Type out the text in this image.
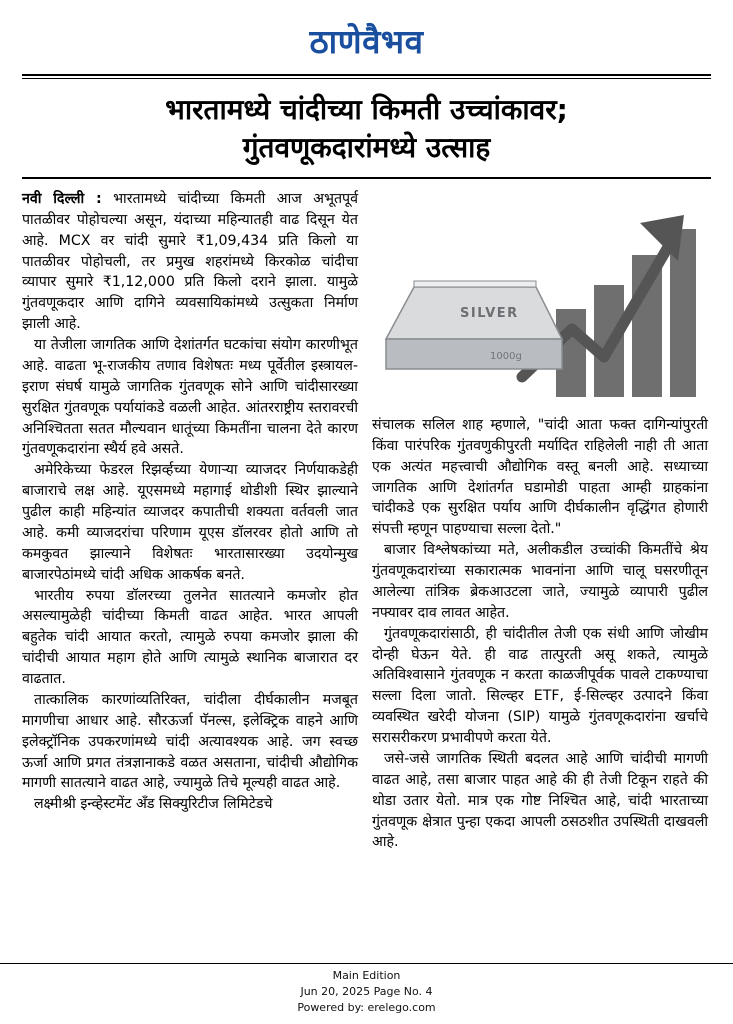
ठाणेवैभव
भारतामध्ये चांदीच्या किमती उच्चांकावर;
गुंतवणूकदारांमध्ये उत्साह

नवी दिल्ली : भारतामध्ये चांदीच्या किमती आज अभूतपूर्व पातळीवर पोहोचल्या असून, यंदाच्या महिन्यातही वाढ दिसून येत आहे. MCX वर चांदी सुमारे ₹1,09,434 प्रति किलो या पातळीवर पोहोचली, तर प्रमुख शहरांमध्ये किरकोळ चांदीचा व्यापार सुमारे ₹1,12,000 प्रति किलो दराने झाला. यामुळे गुंतवणूकदार आणि दागिने व्यवसायिकांमध्ये उत्सुकता निर्माण झाली आहे.

या तेजीला जागतिक आणि देशांतर्गत घटकांचा संयोग कारणीभूत आहे. वाढता भू-राजकीय तणाव विशेषतः मध्य पूर्वेतील इस्त्रायल-इराण संघर्ष यामुळे जागतिक गुंतवणूक सोने आणि चांदीसारख्या सुरक्षित गुंतवणूक पर्यायांकडे वळली आहेत. आंतरराष्ट्रीय स्तरावरची अनिश्चितता सतत मौल्यवान धातूंच्या किमतींना चालना देते कारण गुंतवणूकदारांना स्थैर्य हवे असते.

अमेरिकेच्या फेडरल रिझर्व्हच्या येणाऱ्या व्याजदर निर्णयाकडेही बाजाराचे लक्ष आहे. यूएसमध्ये महागाई थोडीशी स्थिर झाल्याने पुढील काही महिन्यांत व्याजदर कपातीची शक्यता वर्तवली जात आहे. कमी व्याजदरांचा परिणाम यूएस डॉलरवर होतो आणि तो कमकुवत झाल्याने विशेषतः भारतासारख्या उदयोन्मुख बाजारपेठांमध्ये चांदी अधिक आकर्षक बनते.

भारतीय रुपया डॉलरच्या तुलनेत सातत्याने कमजोर होत असल्यामुळेही चांदीच्या किमती वाढत आहेत. भारत आपली बहुतेक चांदी आयात करतो, त्यामुळे रुपया कमजोर झाला की चांदीची आयात महाग होते आणि त्यामुळे स्थानिक बाजारात दर वाढतात.

तात्कालिक कारणांव्यतिरिक्त, चांदीला दीर्घकालीन मजबूत मागणीचा आधार आहे. सौरऊर्जा पॅनल्स, इलेक्ट्रिक वाहने आणि इलेक्ट्रॉनिक उपकरणांमध्ये चांदी अत्यावश्यक आहे. जग स्वच्छ ऊर्जा आणि प्रगत तंत्रज्ञानाकडे वळत असताना, चांदीची औद्योगिक मागणी सातत्याने वाढत आहे, ज्यामुळे तिचे मूल्यही वाढत आहे.

लक्ष्मीश्री इन्व्हेस्टमेंट अँड सिक्युरिटीज लिमिटेडचे

SILVER
1000g

संचालक सलिल शाह म्हणाले, "चांदी आता फक्त दागिन्यांपुरती किंवा पारंपरिक गुंतवणुकीपुरती मर्यादित राहिलेली नाही ती आता एक अत्यंत महत्त्वाची औद्योगिक वस्तू बनली आहे. सध्याच्या जागतिक आणि देशांतर्गत घडामोडी पाहता आम्ही ग्राहकांना चांदीकडे एक सुरक्षित पर्याय आणि दीर्घकालीन वृद्धिंगत होणारी संपत्ती म्हणून पाहण्याचा सल्ला देतो."

बाजार विश्लेषकांच्या मते, अलीकडील उच्चांकी किमतींचे श्रेय गुंतवणूकदारांच्या सकारात्मक भावनांना आणि चालू घसरणीतून आलेल्या तांत्रिक ब्रेकआउटला जाते, ज्यामुळे व्यापारी पुढील नफ्यावर दाव लावत आहेत.

गुंतवणूकदारांसाठी, ही चांदीतील तेजी एक संधी आणि जोखीम दोन्ही घेऊन येते. ही वाढ तात्पुरती असू शकते, त्यामुळे अतिविश्वासाने गुंतवणूक न करता काळजीपूर्वक पावले टाकण्याचा सल्ला दिला जातो. सिल्व्हर ETF, ई-सिल्व्हर उत्पादने किंवा व्यवस्थित खरेदी योजना (SIP) यामुळे गुंतवणूकदारांना खर्चाचे सरासरीकरण प्रभावीपणे करता येते.

जसे-जसे जागतिक स्थिती बदलत आहे आणि चांदीची मागणी वाढत आहे, तसा बाजार पाहत आहे की ही तेजी टिकून राहते की थोडा उतार येतो. मात्र एक गोष्ट निश्चित आहे, चांदी भारताच्या गुंतवणूक क्षेत्रात पुन्हा एकदा आपली ठसठशीत उपस्थिती दाखवली आहे.

Main Edition
Jun 20, 2025 Page No. 4
Powered by: erelego.com
